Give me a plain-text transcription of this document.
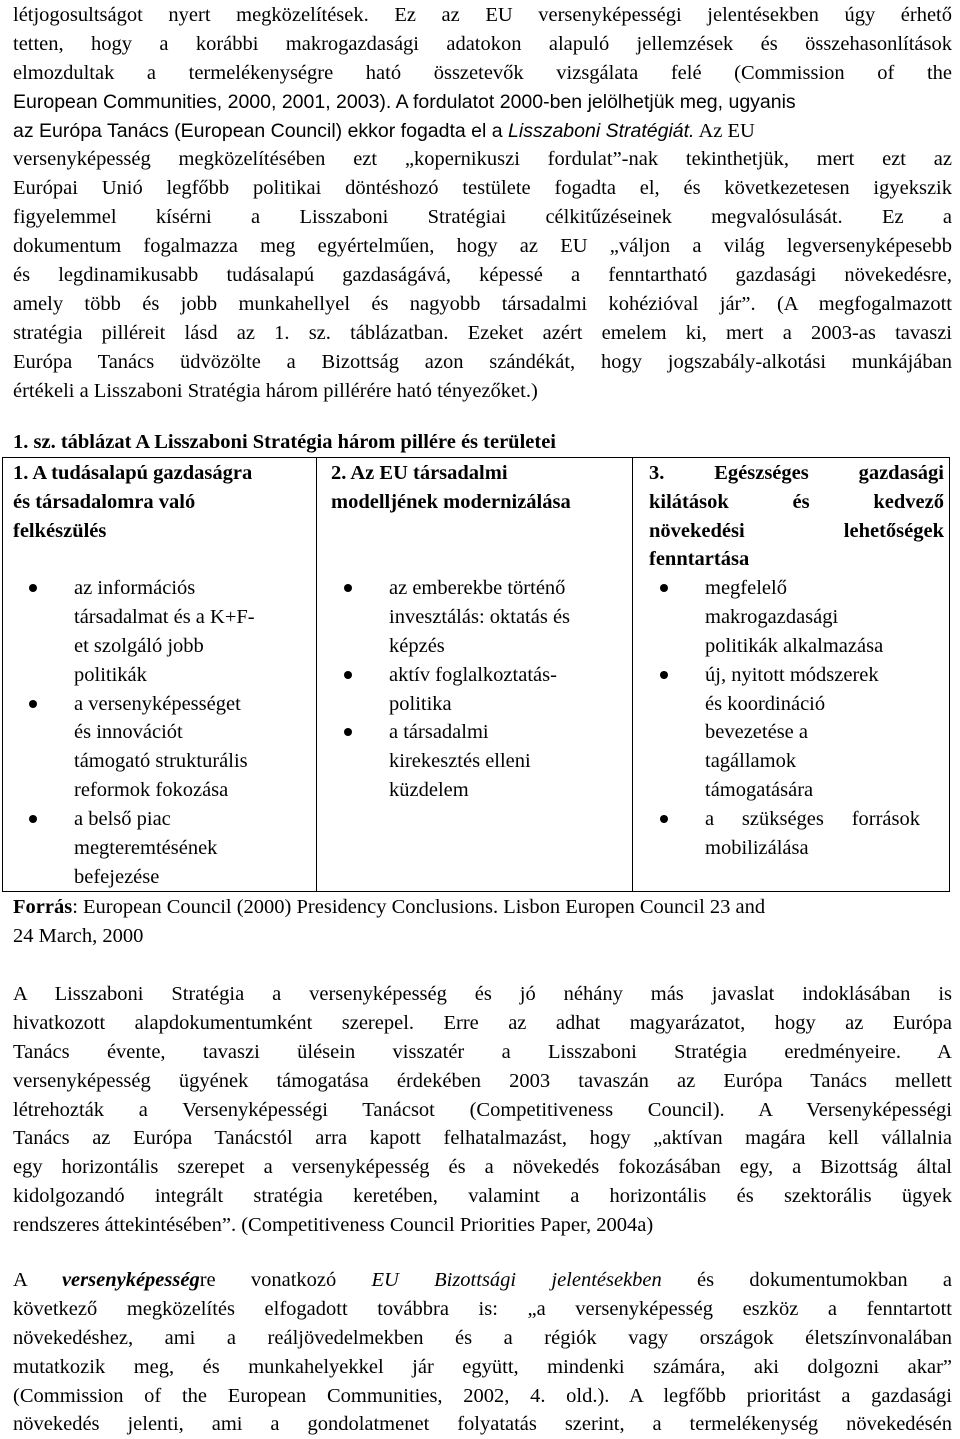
létjogosultságot nyert megközelítések. Ez az EU versenyképességi jelentésekben úgy érhető
tetten, hogy a korábbi makrogazdasági adatokon alapuló jellemzések és összehasonlítások
elmozdultak a termelékenységre ható összetevők vizsgálata felé (Commission of the
European Communities, 2000, 2001, 2003). A fordulatot 2000-ben jelölhetjük meg, ugyanis
az Európa Tanács (European Council) ekkor fogadta el a Lisszaboni Stratégiát. Az EU
versenyképesség megközelítésében ezt „kopernikuszi fordulat”-nak tekinthetjük, mert ezt az
Európai Unió legfőbb politikai döntéshozó testülete fogadta el, és következetesen igyekszik
figyelemmel kísérni a Lisszaboni Stratégiai célkitűzéseinek megvalósulását. Ez a
dokumentum fogalmazza meg egyértelműen, hogy az EU „váljon a világ legversenyképesebb
és legdinamikusabb tudásalapú gazdaságává, képessé a fenntartható gazdasági növekedésre,
amely több és jobb munkahellyel és nagyobb társadalmi kohézióval jár”. (A megfogalmazott
stratégia pilléreit lásd az 1. sz. táblázatban. Ezeket azért emelem ki, mert a 2003-as tavaszi
Európa Tanács üdvözölte a Bizottság azon szándékát, hogy jogszabály-alkotási munkájában
értékeli a Lisszaboni Stratégia három pillérére ható tényezőket.)
1. sz. táblázat A Lisszaboni Stratégia három pillére és területei
1. A tudásalapú gazdaságra
és társadalomra való
felkészülés
az információs
társadalmat és a K+F-
et szolgáló jobb
politikák
a versenyképességet
és innovációt
támogató strukturális
reformok fokozása
a belső piac
megteremtésének
befejezése
2. Az EU társadalmi
modelljének modernizálása
az emberekbe történő
invesztálás: oktatás és
képzés
aktív foglalkoztatás-
politika
a társadalmi
kirekesztés elleni
küzdelem
3. Egészséges gazdasági
kilátások és kedvező
növekedési lehetőségek
fenntartása
megfelelő
makrogazdasági
politikák alkalmazása
új, nyitott módszerek
és koordináció
bevezetése a
tagállamok
támogatására
a szükséges források
mobilizálása
Forrás: European Council (2000) Presidency Conclusions. Lisbon Europen Council 23 and
24 March, 2000
A Lisszaboni Stratégia a versenyképesség és jó néhány más javaslat indoklásában is
hivatkozott alapdokumentumként szerepel. Erre az adhat magyarázatot, hogy az Európa
Tanács évente, tavaszi ülésein visszatér a Lisszaboni Stratégia eredményeire. A
versenyképesség ügyének támogatása érdekében 2003 tavaszán az Európa Tanács mellett
létrehozták a Versenyképességi Tanácsot (Competitiveness Council). A Versenyképességi
Tanács az Európa Tanácstól arra kapott felhatalmazást, hogy „aktívan magára kell vállalnia
egy horizontális szerepet a versenyképesség és a növekedés fokozásában egy, a Bizottság által
kidolgozandó integrált stratégia keretében, valamint a horizontális és szektorális ügyek
rendszeres áttekintésében”. (Competitiveness Council Priorities Paper, 2004a)
A versenyképességre vonatkozó EU Bizottsági jelentésekben és dokumentumokban a
következő megközelítés elfogadott továbbra is: „a versenyképesség eszköz a fenntartott
növekedéshez, ami a reáljövedelmekben és a régiók vagy országok életszínvonalában
mutatkozik meg, és munkahelyekkel jár együtt, mindenki számára, aki dolgozni akar”
(Commission of the European Communities, 2002, 4. old.). A legfőbb prioritást a gazdasági
növekedés jelenti, ami a gondolatmenet folyatatás szerint, a termelékenység növekedésén
